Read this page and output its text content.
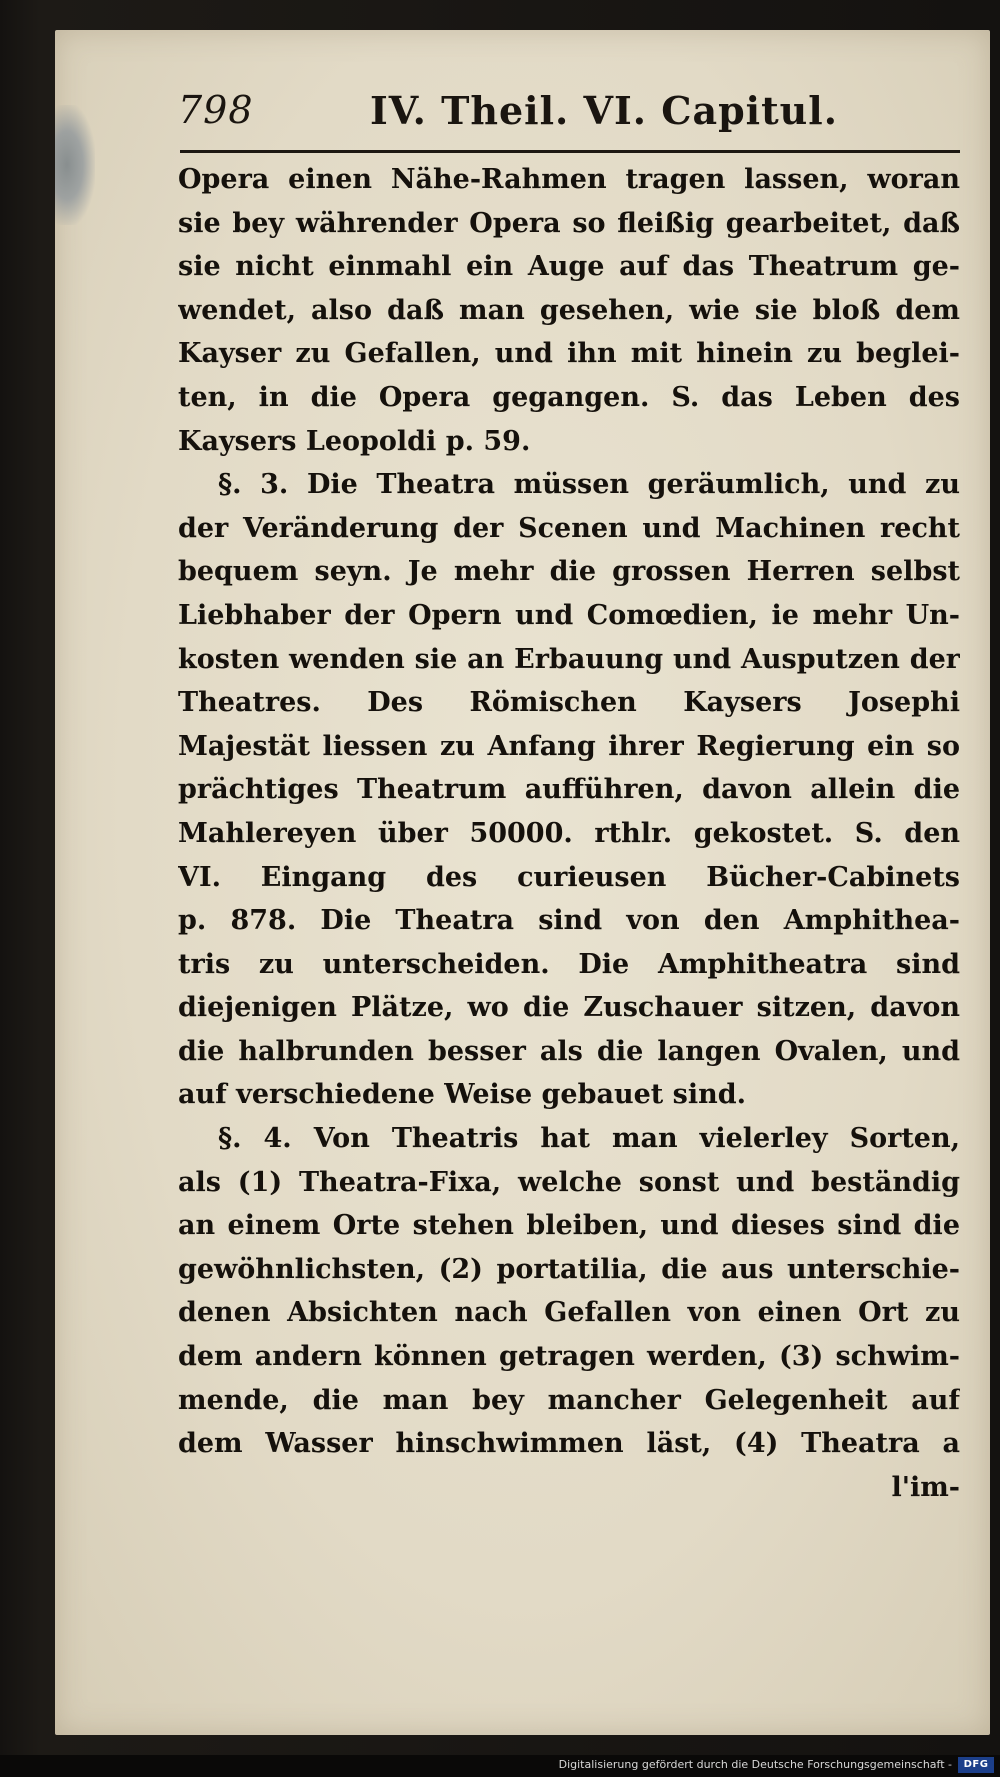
798	IV. Theil. VI. Capitul.
Opera einen Nähe-Rahmen tragen lassen, woran
sie bey währender Opera so fleißig gearbeitet, daß
sie nicht einmahl ein Auge auf das Theatrum ge-
wendet, also daß man gesehen, wie sie bloß dem
Kayser zu Gefallen, und ihn mit hinein zu beglei-
ten, in die Opera gegangen. S. das Leben des
Kaysers Leopoldi p. 59.
§. 3. Die Theatra müssen geräumlich, und zu
der Veränderung der Scenen und Machinen recht
bequem seyn. Je mehr die grossen Herren selbst
Liebhaber der Opern und Comœdien, ie mehr Un-
kosten wenden sie an Erbauung und Ausputzen der
Theatres. Des Römischen Kaysers Josephi
Majestät liessen zu Anfang ihrer Regierung ein so
prächtiges Theatrum aufführen, davon allein die
Mahlereyen über 50000. rthlr. gekostet. S. den
VI. Eingang des curieusen Bücher-Cabinets
p. 878. Die Theatra sind von den Amphithea-
tris zu unterscheiden. Die Amphitheatra sind
diejenigen Plätze, wo die Zuschauer sitzen, davon
die halbrunden besser als die langen Ovalen, und
auf verschiedene Weise gebauet sind.
§. 4. Von Theatris hat man vielerley Sorten,
als (1) Theatra-Fixa, welche sonst und beständig
an einem Orte stehen bleiben, und dieses sind die
gewöhnlichsten, (2) portatilia, die aus unterschie-
denen Absichten nach Gefallen von einen Ort zu
dem andern können getragen werden, (3) schwim-
mende, die man bey mancher Gelegenheit auf
dem Wasser hinschwimmen läst, (4) Theatra a
l'im-
Digitalisierung gefördert durch die Deutsche Forschungsgemeinschaft -	DFG
